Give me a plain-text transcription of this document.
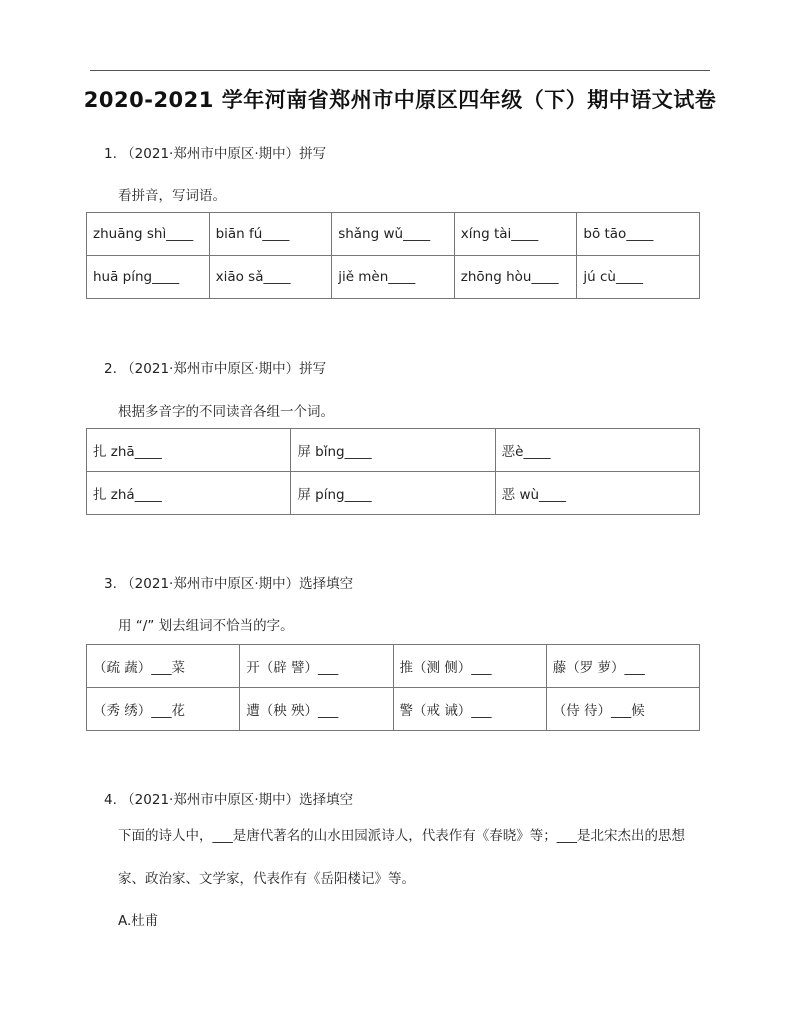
2020-2021 学年河南省郑州市中原区四年级（下）期中语文试卷
1. （2021·郑州市中原区·期中）拼写
看拼音，写词语。
zhuāng shì____	biān fú____	shǎng wǔ____	xíng tài____	bō tāo____
huā píng____	xiāo sǎ____	jiě mèn____	zhōng hòu____	jú cù____
2. （2021·郑州市中原区·期中）拼写
根据多音字的不同读音各组一个词。
扎 zhā____	屏 bǐng____	恶è____
扎 zhá____	屏 píng____	恶 wù____
3. （2021·郑州市中原区·期中）选择填空
用 “/” 划去组词不恰当的字。
（疏 蔬）___菜	开（辟 譬）___	推（测 侧）___	藤（罗 萝）___
（秀 绣）___花	遭（秧 殃）___	警（戒 诫）___	（侍 待）___候
4. （2021·郑州市中原区·期中）选择填空
下面的诗人中，___是唐代著名的山水田园派诗人，代表作有《春晓》等；___是北宋杰出的思想
家、政治家、文学家，代表作有《岳阳楼记》等。
A.杜甫
